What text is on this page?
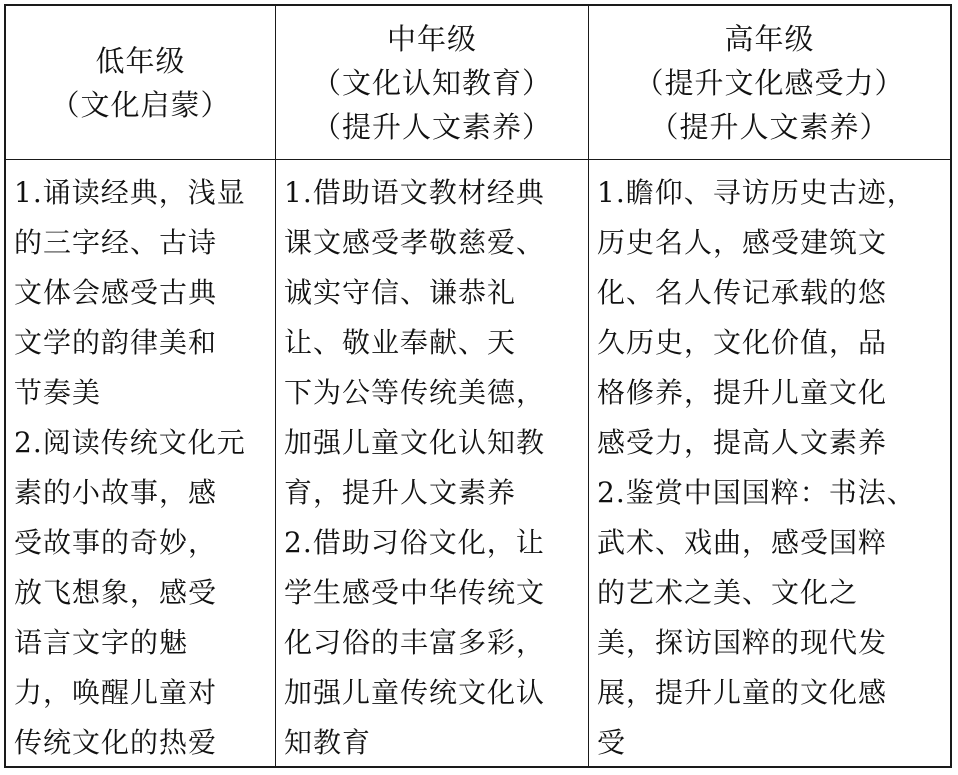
低年级
（文化启蒙）
中年级
（文化认知教育）
（提升人文素养）
高年级
（提升文化感受力）
（提升人文素养）
1.诵读经典，浅显
的三字经、古诗
文体会感受古典
文学的韵律美和
节奏美
2.阅读传统文化元
素的小故事，感
受故事的奇妙，
放飞想象，感受
语言文字的魅
力，唤醒儿童对
传统文化的热爱
1.借助语文教材经典
课文感受孝敬慈爱、
诚实守信、谦恭礼
让、敬业奉献、天
下为公等传统美德，
加强儿童文化认知教
育，提升人文素养
2.借助习俗文化，让
学生感受中华传统文
化习俗的丰富多彩，
加强儿童传统文化认
知教育
1.瞻仰、寻访历史古迹，
历史名人，感受建筑文
化、名人传记承载的悠
久历史，文化价值，品
格修养，提升儿童文化
感受力，提高人文素养
2.鉴赏中国国粹：书法、
武术、戏曲，感受国粹
的艺术之美、文化之
美，探访国粹的现代发
展，提升儿童的文化感
受
